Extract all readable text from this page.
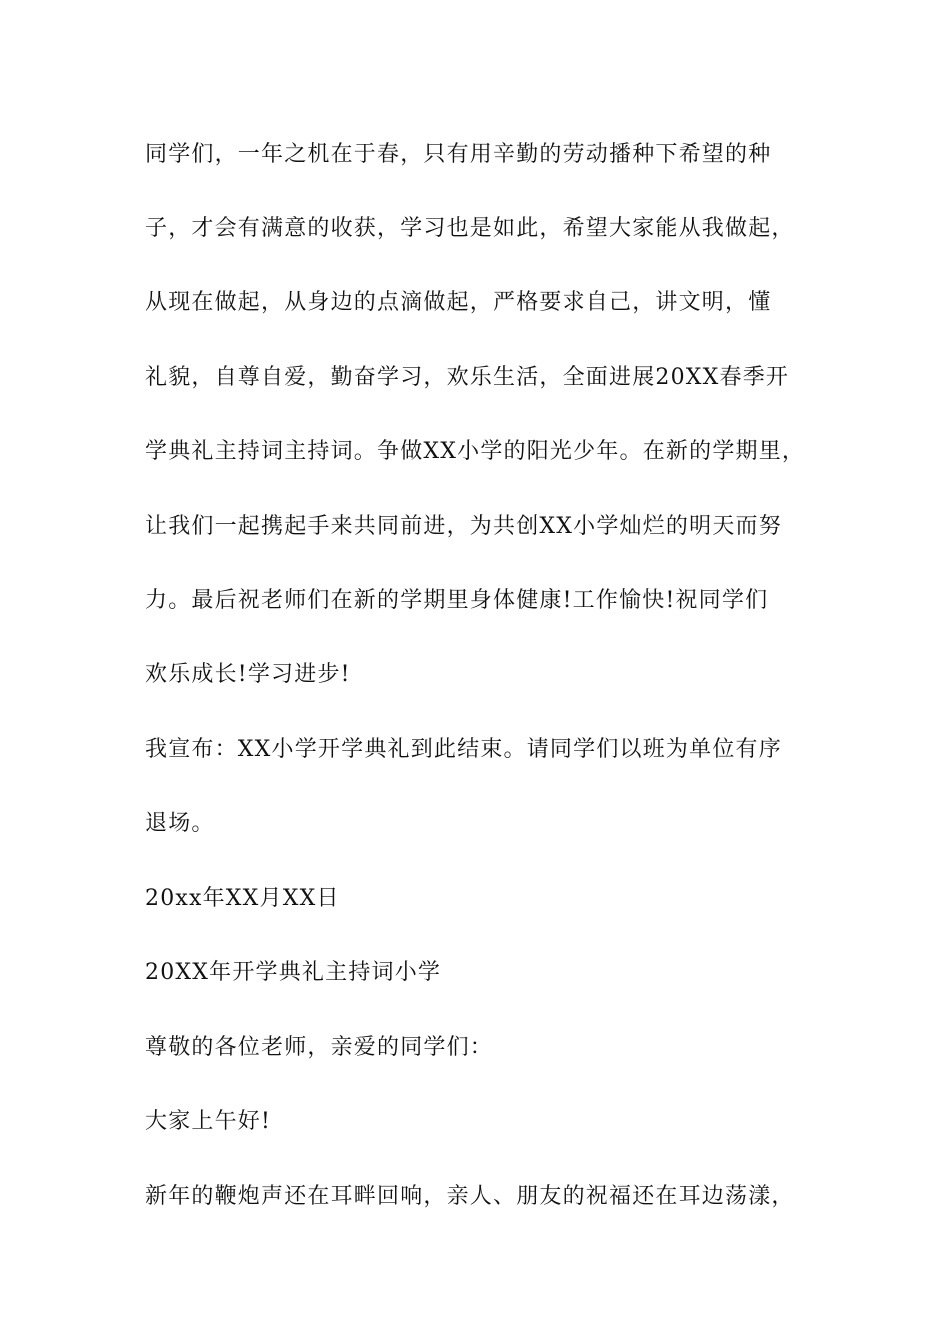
同学们，一年之机在于春，只有用辛勤的劳动播种下希望的种
子，才会有满意的收获，学习也是如此，希望大家能从我做起，
从现在做起，从身边的点滴做起，严格要求自己，讲文明，懂
礼貌，自尊自爱，勤奋学习，欢乐生活，全面进展20XX春季开
学典礼主持词主持词。争做XX小学的阳光少年。在新的学期里，
让我们一起携起手来共同前进，为共创XX小学灿烂的明天而努
力。最后祝老师们在新的学期里身体健康!工作愉快!祝同学们
欢乐成长!学习进步!
我宣布：XX小学开学典礼到此结束。请同学们以班为单位有序
退场。
20xx年XX月XX日
20XX年开学典礼主持词小学
尊敬的各位老师，亲爱的同学们：
大家上午好!
新年的鞭炮声还在耳畔回响，亲人、朋友的祝福还在耳边荡漾，
